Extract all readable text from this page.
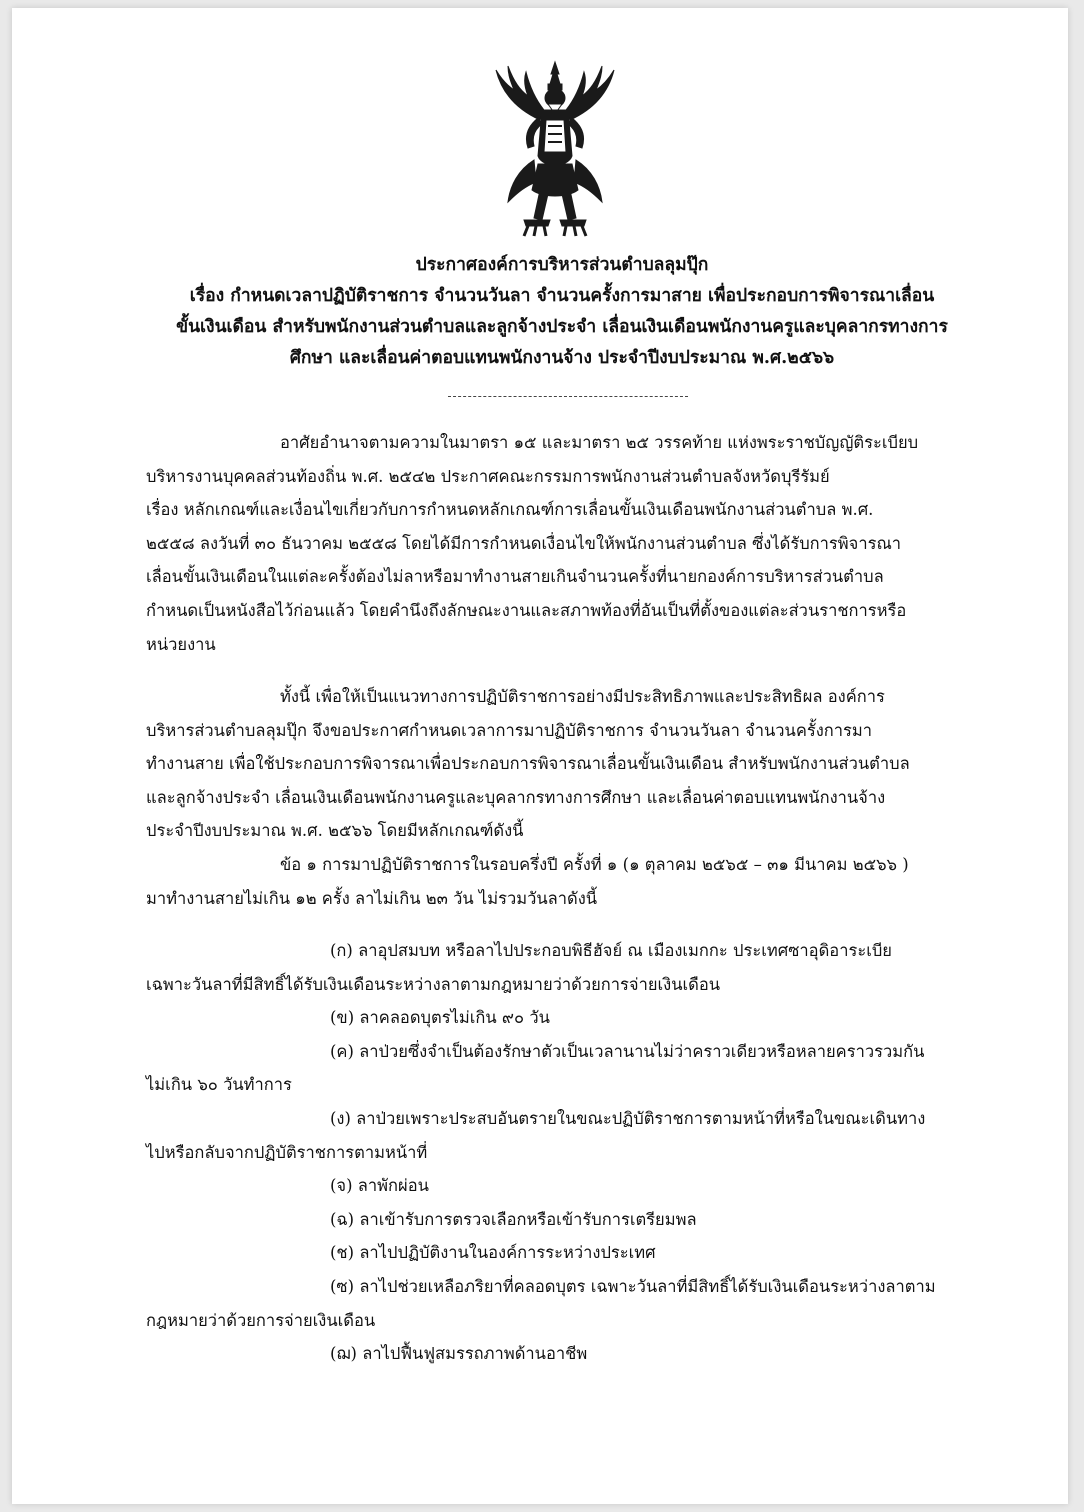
ประกาศองค์การบริหารส่วนตำบลลุมปุ๊ก
เรื่อง กำหนดเวลาปฏิบัติราชการ จำนวนวันลา จำนวนครั้งการมาสาย เพื่อประกอบการพิจารณาเลื่อน
ขั้นเงินเดือน สำหรับพนักงานส่วนตำบลและลูกจ้างประจำ เลื่อนเงินเดือนพนักงานครูและบุคลากรทางการ
ศึกษา และเลื่อนค่าตอบแทนพนักงานจ้าง ประจำปีงบประมาณ พ.ศ.๒๕๖๖
อาศัยอำนาจตามความในมาตรา ๑๕ และมาตรา ๒๕ วรรคท้าย แห่งพระราชบัญญัติระเบียบ
บริหารงานบุคคลส่วนท้องถิ่น พ.ศ. ๒๕๔๒ ประกาศคณะกรรมการพนักงานส่วนตำบลจังหวัดบุรีรัมย์
เรื่อง หลักเกณฑ์และเงื่อนไขเกี่ยวกับการกำหนดหลักเกณฑ์การเลื่อนขั้นเงินเดือนพนักงานส่วนตำบล พ.ศ.
๒๕๕๘ ลงวันที่ ๓๐ ธันวาคม ๒๕๕๘ โดยได้มีการกำหนดเงื่อนไขให้พนักงานส่วนตำบล ซึ่งได้รับการพิจารณา
เลื่อนขั้นเงินเดือนในแต่ละครั้งต้องไม่ลาหรือมาทำงานสายเกินจำนวนครั้งที่นายกองค์การบริหารส่วนตำบล
กำหนดเป็นหนังสือไว้ก่อนแล้ว โดยคำนึงถึงลักษณะงานและสภาพท้องที่อันเป็นที่ตั้งของแต่ละส่วนราชการหรือ
หน่วยงาน
ทั้งนี้ เพื่อให้เป็นแนวทางการปฏิบัติราชการอย่างมีประสิทธิภาพและประสิทธิผล องค์การ
บริหารส่วนตำบลลุมปุ๊ก จึงขอประกาศกำหนดเวลาการมาปฏิบัติราชการ จำนวนวันลา จำนวนครั้งการมา
ทำงานสาย เพื่อใช้ประกอบการพิจารณาเพื่อประกอบการพิจารณาเลื่อนขั้นเงินเดือน สำหรับพนักงานส่วนตำบล
และลูกจ้างประจำ เลื่อนเงินเดือนพนักงานครูและบุคลากรทางการศึกษา และเลื่อนค่าตอบแทนพนักงานจ้าง
ประจำปีงบประมาณ พ.ศ. ๒๕๖๖ โดยมีหลักเกณฑ์ดังนี้
ข้อ ๑ การมาปฏิบัติราชการในรอบครึ่งปี ครั้งที่ ๑ (๑ ตุลาคม ๒๕๖๕ – ๓๑ มีนาคม ๒๕๖๖ )
มาทำงานสายไม่เกิน ๑๒ ครั้ง ลาไม่เกิน ๒๓ วัน ไม่รวมวันลาดังนี้
(ก) ลาอุปสมบท หรือลาไปประกอบพิธีฮัจย์ ณ เมืองเมกกะ ประเทศซาอุดิอาระเบีย
เฉพาะวันลาที่มีสิทธิ์ได้รับเงินเดือนระหว่างลาตามกฎหมายว่าด้วยการจ่ายเงินเดือน
(ข) ลาคลอดบุตรไม่เกิน ๙๐ วัน
(ค) ลาป่วยซึ่งจำเป็นต้องรักษาตัวเป็นเวลานานไม่ว่าคราวเดียวหรือหลายคราวรวมกัน
ไม่เกิน ๖๐ วันทำการ
(ง) ลาป่วยเพราะประสบอันตรายในขณะปฏิบัติราชการตามหน้าที่หรือในขณะเดินทาง
ไปหรือกลับจากปฏิบัติราชการตามหน้าที่
(จ) ลาพักผ่อน
(ฉ) ลาเข้ารับการตรวจเลือกหรือเข้ารับการเตรียมพล
(ช) ลาไปปฏิบัติงานในองค์การระหว่างประเทศ
(ซ) ลาไปช่วยเหลือภริยาที่คลอดบุตร เฉพาะวันลาที่มีสิทธิ์ได้รับเงินเดือนระหว่างลาตาม
กฎหมายว่าด้วยการจ่ายเงินเดือน
(ฌ) ลาไปฟื้นฟูสมรรถภาพด้านอาชีพ
